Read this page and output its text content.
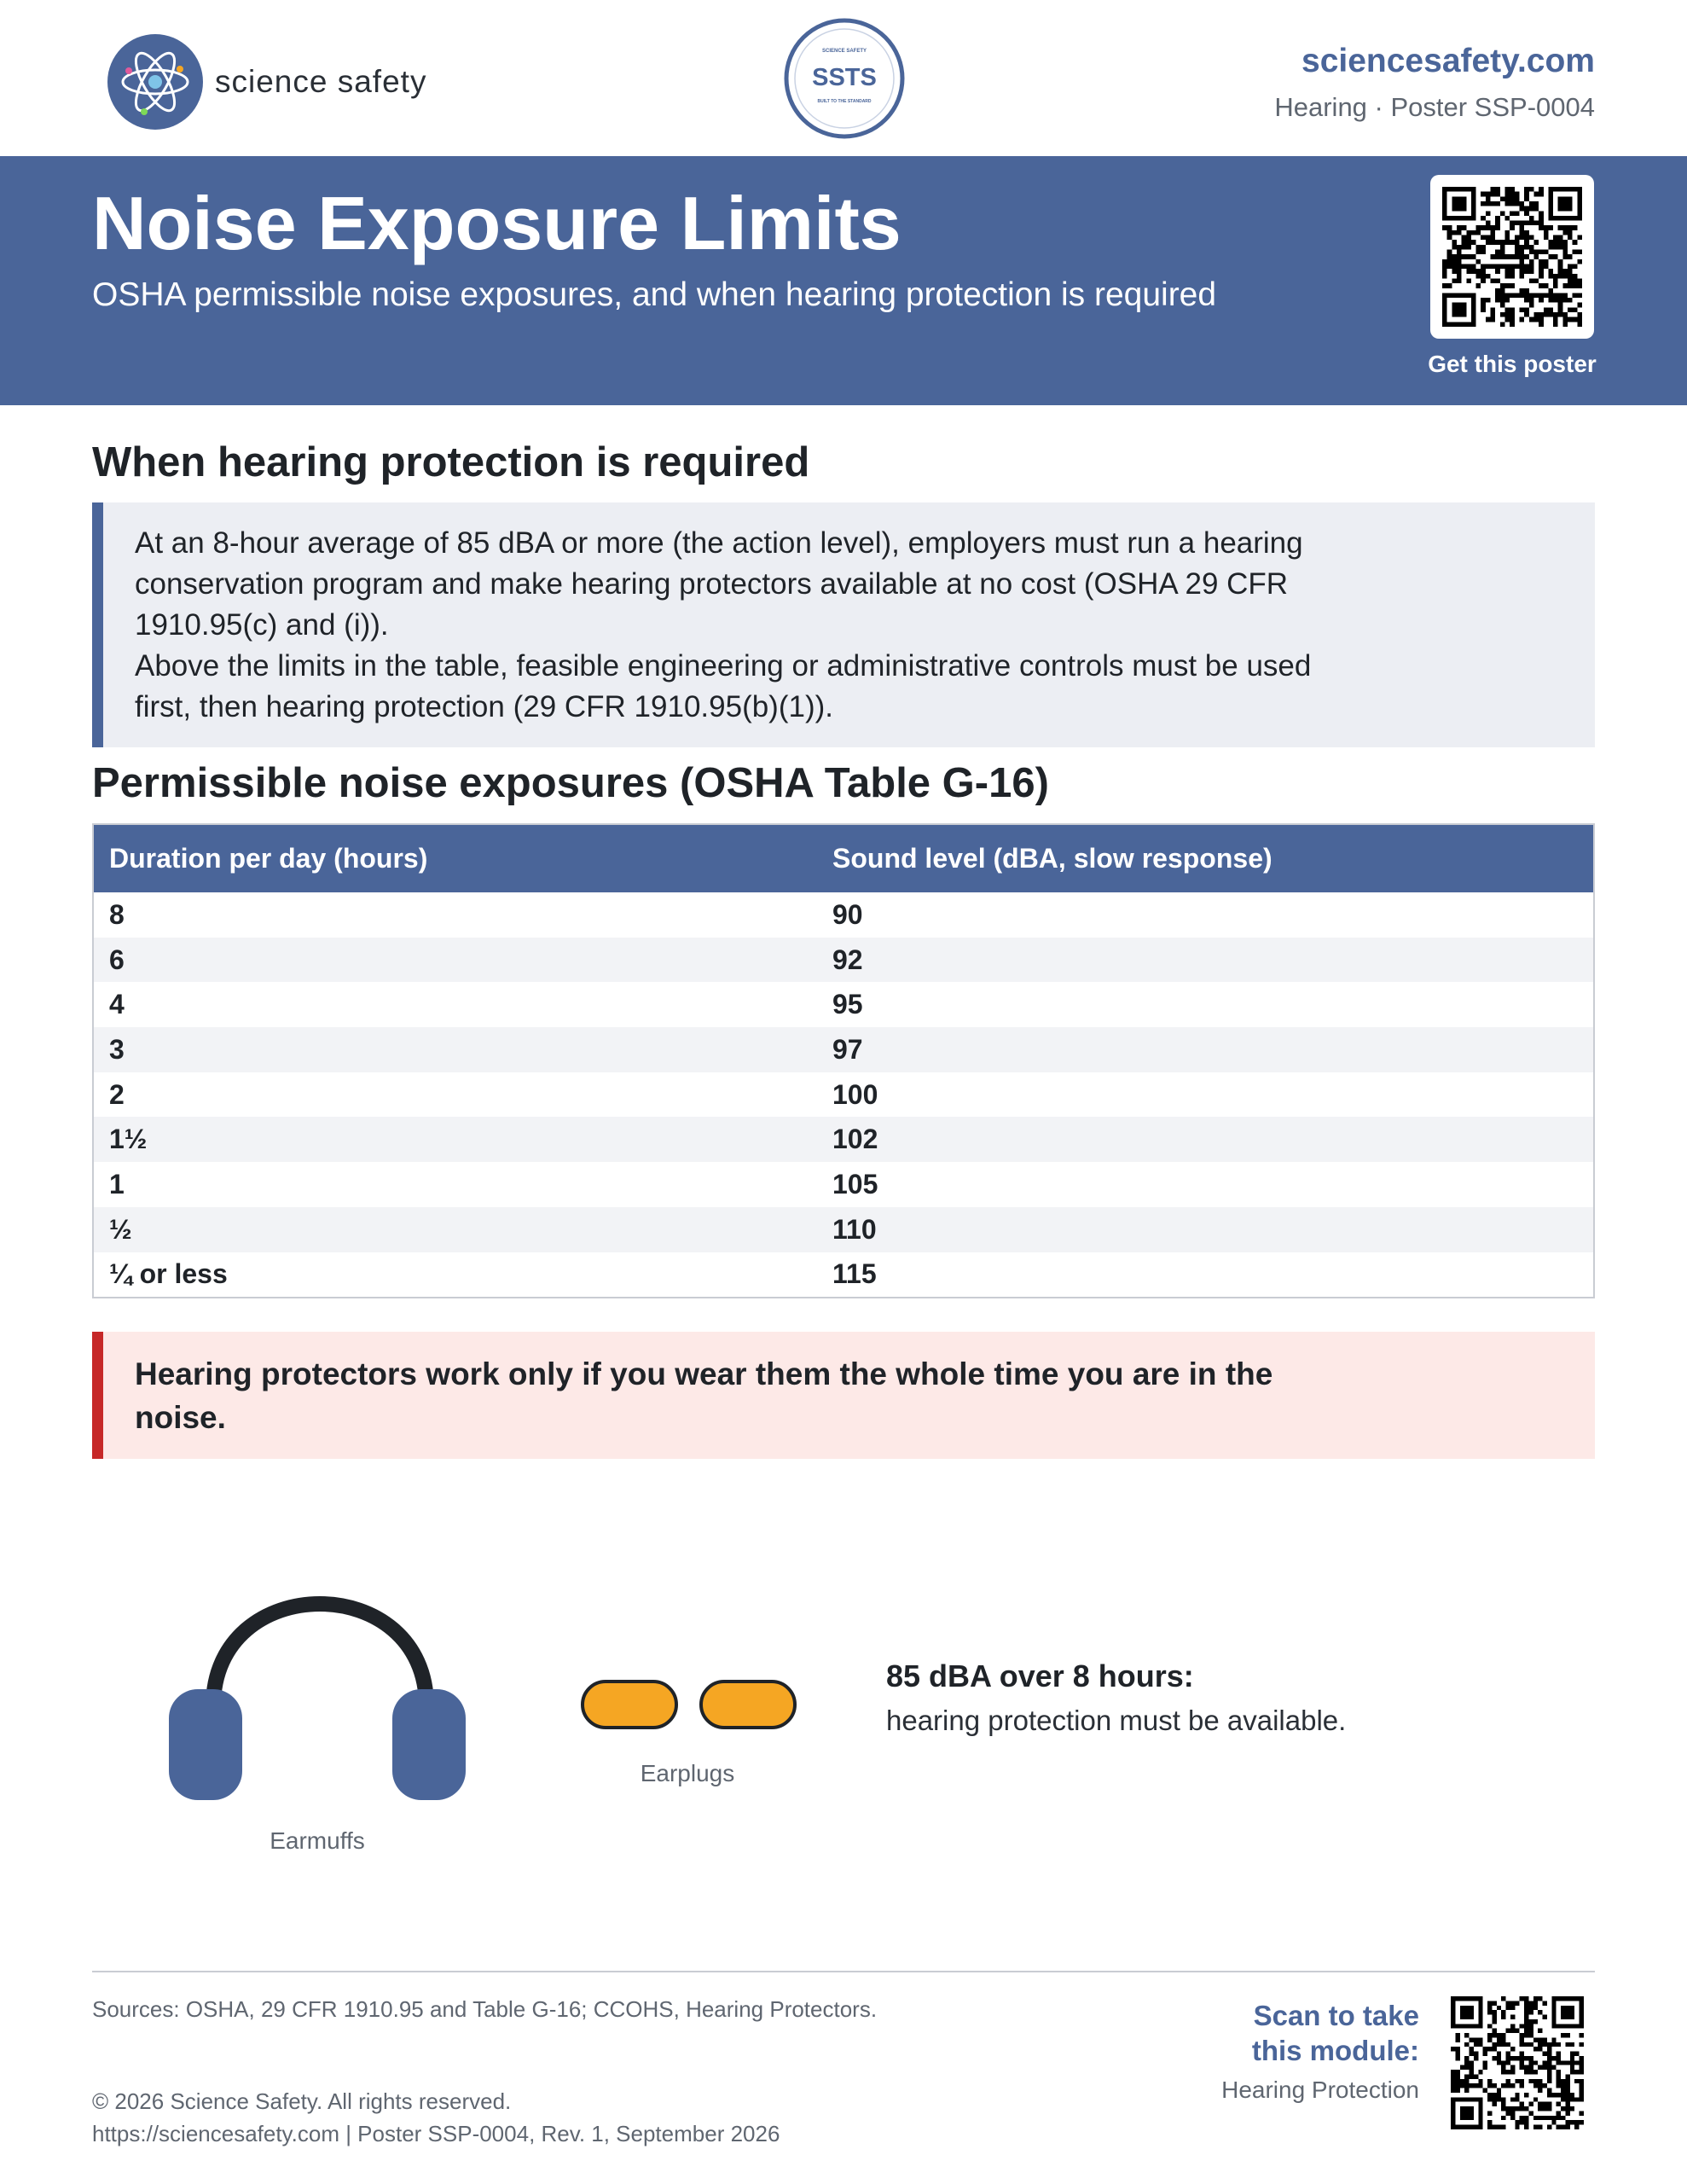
science safety
SCIENCE SAFETY
SSTS
BUILT TO THE STANDARD
sciencesafety.com
Hearing · Poster SSP-0004
Noise Exposure Limits

OSHA permissible noise exposures, and when hearing protection is required

Get this poster
When hearing protection is required

At an 8-hour average of 85 dBA or more (the action level), employers must run a hearing conservation program and make hearing protectors available at no cost (OSHA 29 CFR 1910.95(c) and (i)).

Above the limits in the table, feasible engineering or administrative controls must be used first, then hearing protection (29 CFR 1910.95(b)(1)).

Permissible noise exposures (OSHA Table G-16)
Duration per day (hours)	Sound level (dBA, slow response)
8	90
6	92
4	95
3	97
2	100
1½	102
1	105
½	110
¼ or less	115

Hearing protectors work only if you wear them the whole time you are in the noise.

Earmuffs
Earplugs
85 dBA over 8 hours:
hearing protection must be available.
Sources: OSHA, 29 CFR 1910.95 and Table G-16; CCOHS, Hearing Protectors.
© 2026 Science Safety. All rights reserved.
https://sciencesafety.com | Poster SSP-0004, Rev. 1, September 2026
Scan to take this module:
Hearing Protection
